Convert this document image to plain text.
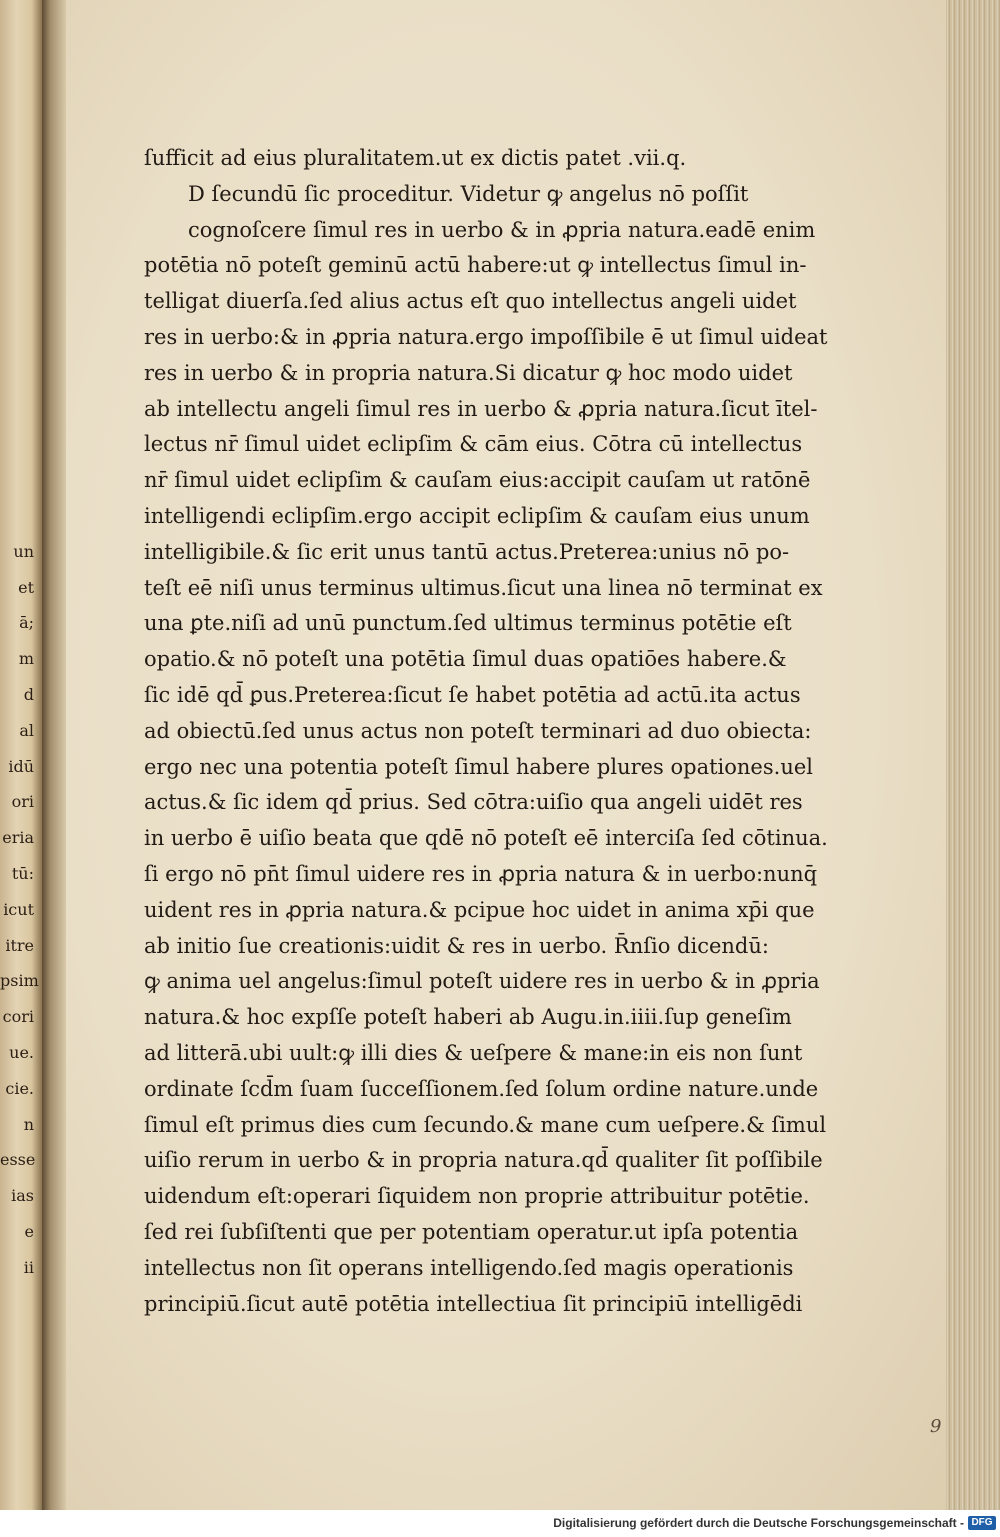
un
et
ā;
m
d
al
idū
ori
eria
tū:
icut
itre
psim
cori
ue.
cie.
n
esse
ias
e
ii
ſufficit ad eius pluralitatem.ut ex dictis patet .vii.q.
D ſecundū ſic proceditur. Videtur ꝙ angelus nō poſſit
cognoſcere ſimul res in uerbo & in ꝓpria natura.eadē enim
potētia nō poteſt geminū actū habere:ut ꝙ intellectus ſimul in-
telligat diuerſa.ſed alius actus eſt quo intellectus angeli uidet
res in uerbo:& in ꝓpria natura.ergo impoſſibile ē ut ſimul uideat
res in uerbo & in propria natura.Si dicatur ꝙ hoc modo uidet
ab intellectu angeli ſimul res in uerbo & ꝓpria natura.ſicut ītel-
lectus nr̄ ſimul uidet eclipſim & cām eius. Cōtra cū intellectus
nr̄ ſimul uidet eclipſim & cauſam eius:accipit cauſam ut ratōnē
intelligendi eclipſim.ergo accipit eclipſim & cauſam eius unum
intelligibile.& ſic erit unus tantū actus.Preterea:unius nō po-
teſt eē niſi unus terminus ultimus.ſicut una linea nō terminat ex
una ꝑte.niſi ad unū punctum.ſed ultimus terminus potētie eſt
opatio.& nō poteſt una potētia ſimul duas opatiōes habere.&
ſic idē qd̄ ꝑus.Preterea:ſicut ſe habet potētia ad actū.ita actus
ad obiectū.ſed unus actus non poteſt terminari ad duo obiecta:
ergo nec una potentia poteſt ſimul habere plures opationes.uel
actus.& ſic idem qd̄ prius. Sed cōtra:uiſio qua angeli uidēt res
in uerbo ē uiſio beata que qdē nō poteſt eē interciſa ſed cōtinua.
ſi ergo nō pn̄t ſimul uidere res in ꝓpria natura & in uerbo:nunq̄
uident res in ꝓpria natura.& pcipue hoc uidet in anima xp̄i que
ab initio ſue creationis:uidit & res in uerbo. R̄nſio dicendū:
ꝙ anima uel angelus:ſimul poteſt uidere res in uerbo & in ꝓpria
natura.& hoc expſſe poteſt haberi ab Augu.in.iiii.ſup geneſim
ad litterā.ubi uult:ꝙ illi dies & ueſpere & mane:in eis non ſunt
ordinate ſcd̄m ſuam ſucceſſionem.ſed ſolum ordine nature.unde
ſimul eſt primus dies cum ſecundo.& mane cum ueſpere.& ſimul
uiſio rerum in uerbo & in propria natura.qd̄ qualiter ſit poſſibile
uidendum eſt:operari ſiquidem non proprie attribuitur potētie.
ſed rei ſubſiſtenti que per potentiam operatur.ut ipſa potentia
intellectus non ſit operans intelligendo.ſed magis operationis
principiū.ſicut autē potētia intellectiua ſit principiū intelligēdi
9
Digitalisierung gefördert durch die Deutsche Forschungsgemeinschaft - DFG
